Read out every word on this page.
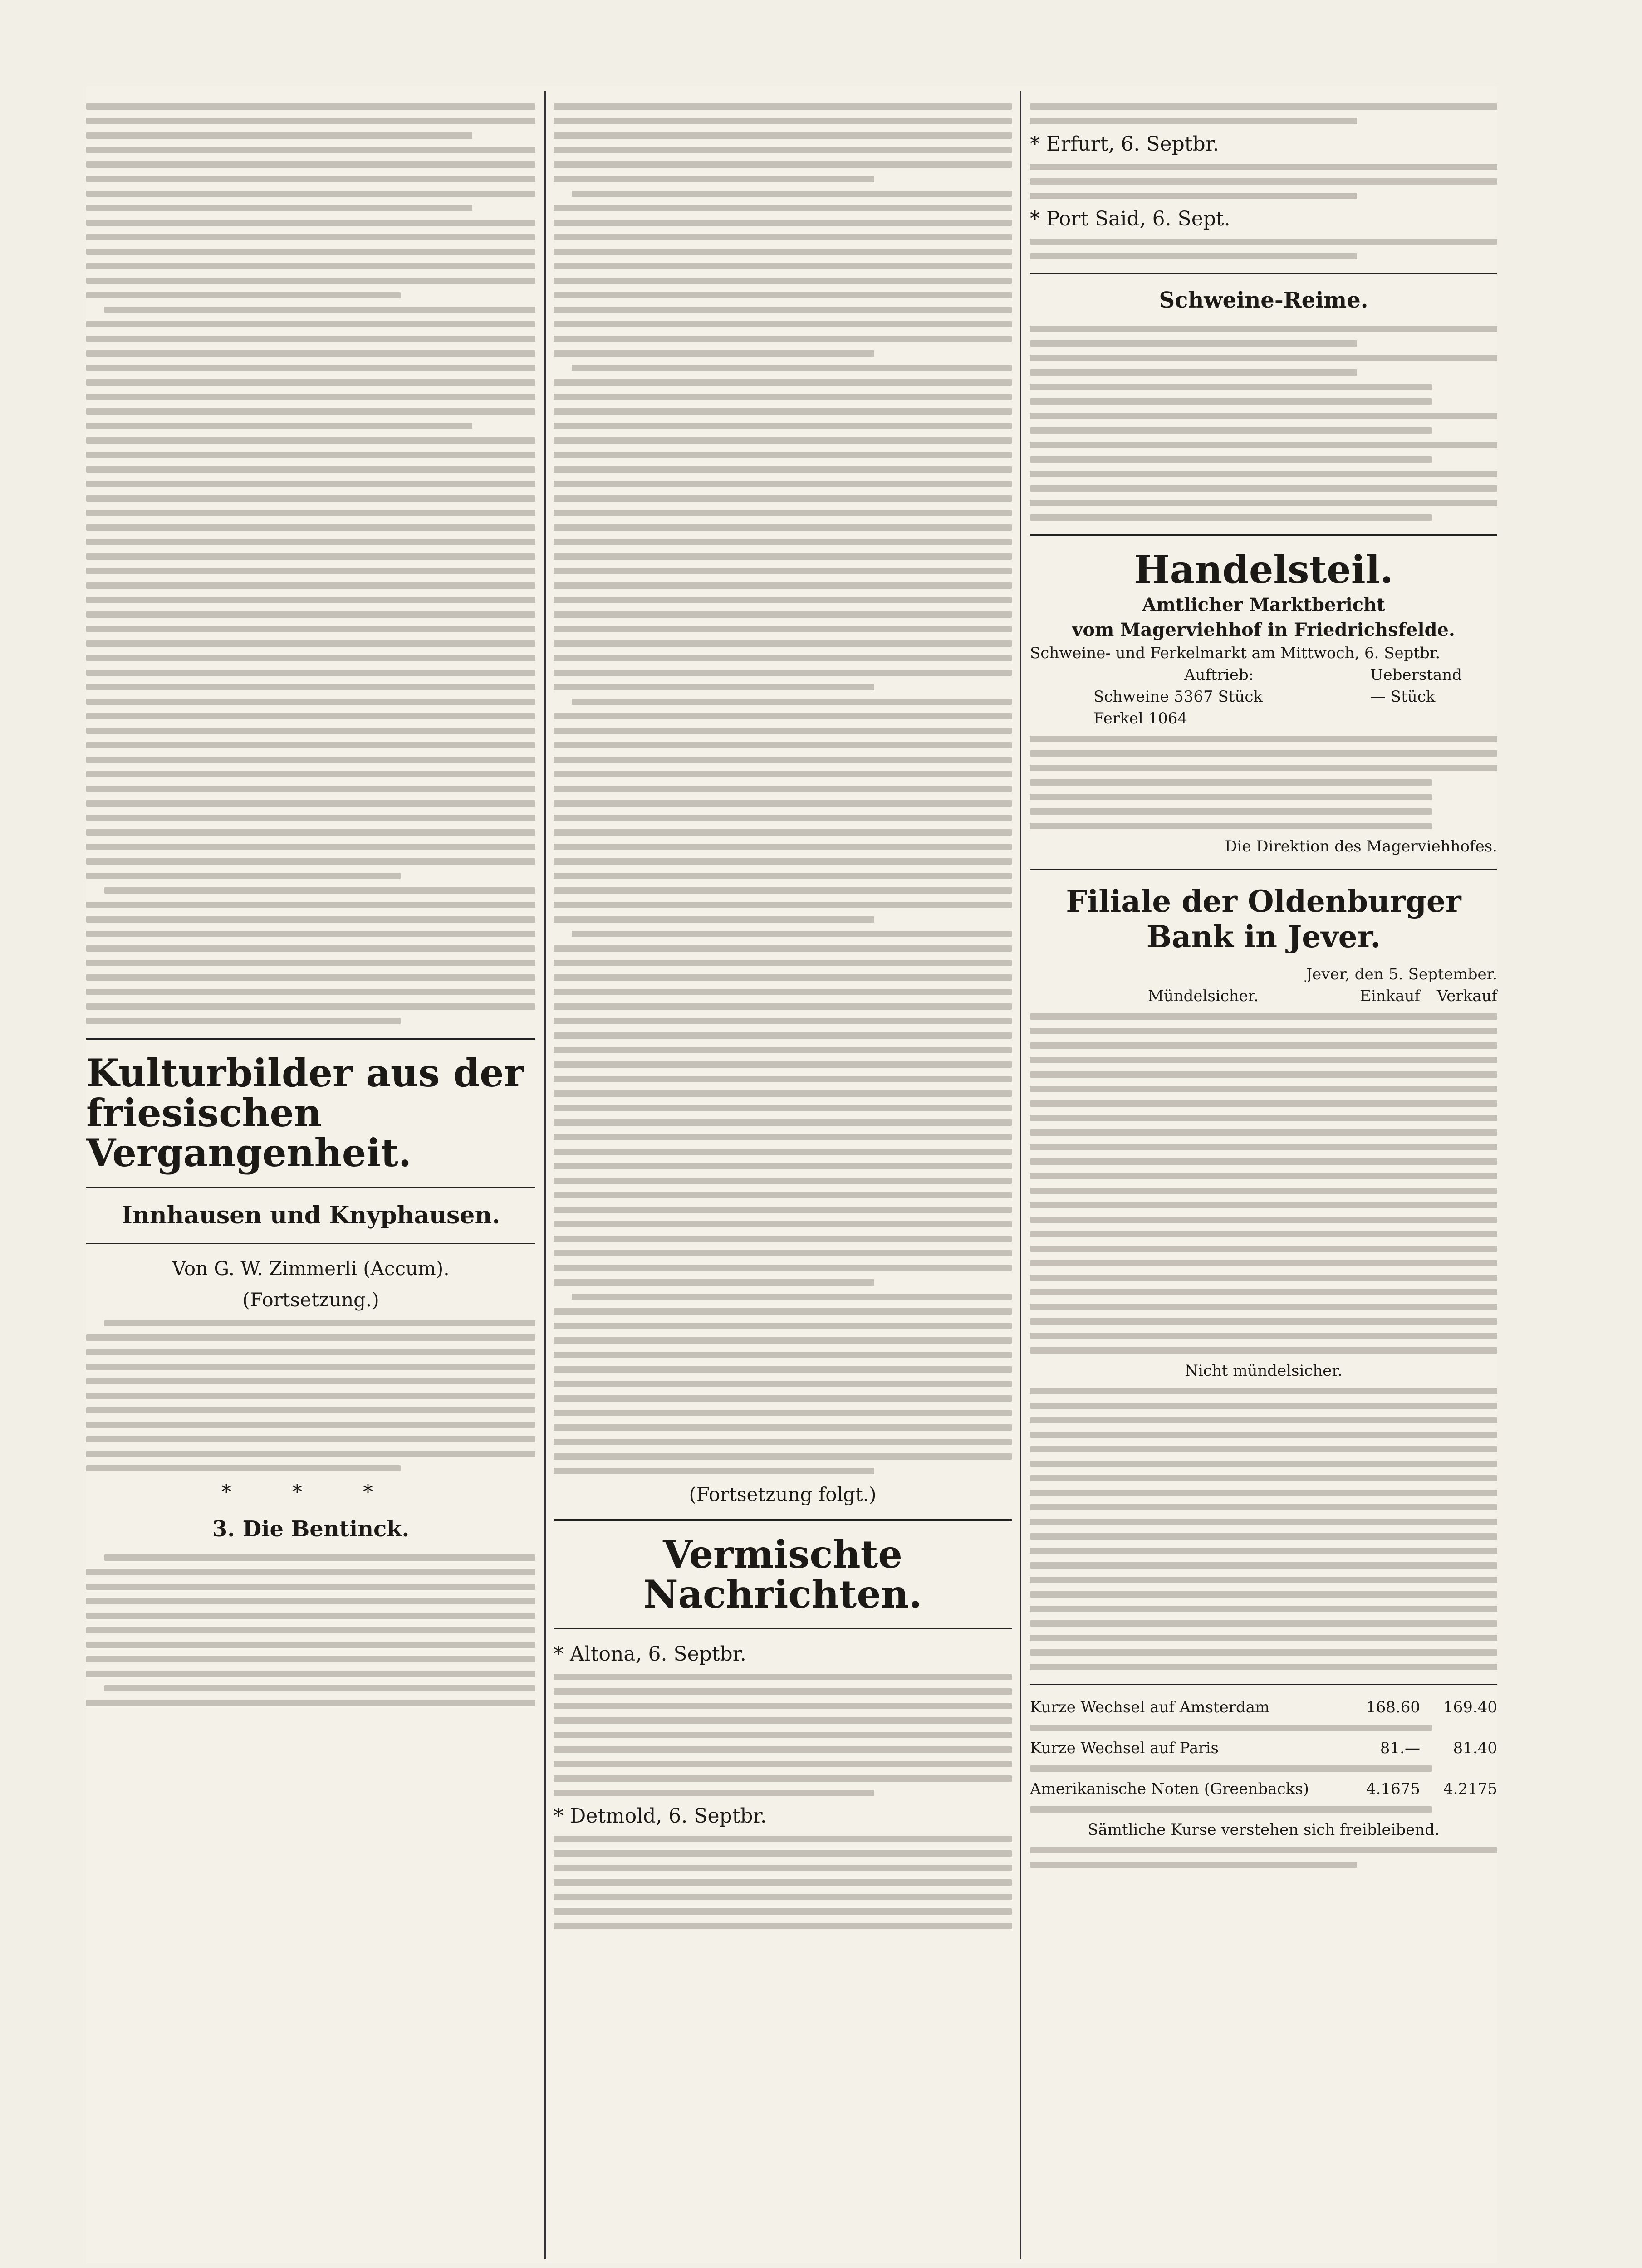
Kulturbilder aus der friesischen Vergangenheit.
Innhausen und Knyphausen.
Von G. W. Zimmerli (Accum).
(Fortsetzung.)
* * *
3. Die Bentinck.
(Fortsetzung folgt.)
Vermischte Nachrichten.
* Altona, 6. Septbr.
* Detmold, 6. Septbr.
* Erfurt, 6. Septbr.
* Port Said, 6. Sept.
Schweine-Reime.
Handelsteil.
Amtlicher Marktbericht
vom Magerviehhof in Friedrichsfelde.
Schweine- und Ferkelmarkt am Mittwoch, 6. Septbr.
Auftrieb:	Ueberstand
Schweine 5367 Stück	— Stück
Ferkel 1064
Die Direktion des Magerviehhofes.
Filiale der Oldenburger Bank in Jever.
Jever, den 5. September.
Mündelsicher.	Einkauf	Verkauf
Nicht mündelsicher.
Kurze Wechsel auf Amsterdam	168.60	169.40
Kurze Wechsel auf Paris	81.—	81.40
Amerikanische Noten (Greenbacks)	4.1675	4.2175
Sämtliche Kurse verstehen sich freibleibend.
